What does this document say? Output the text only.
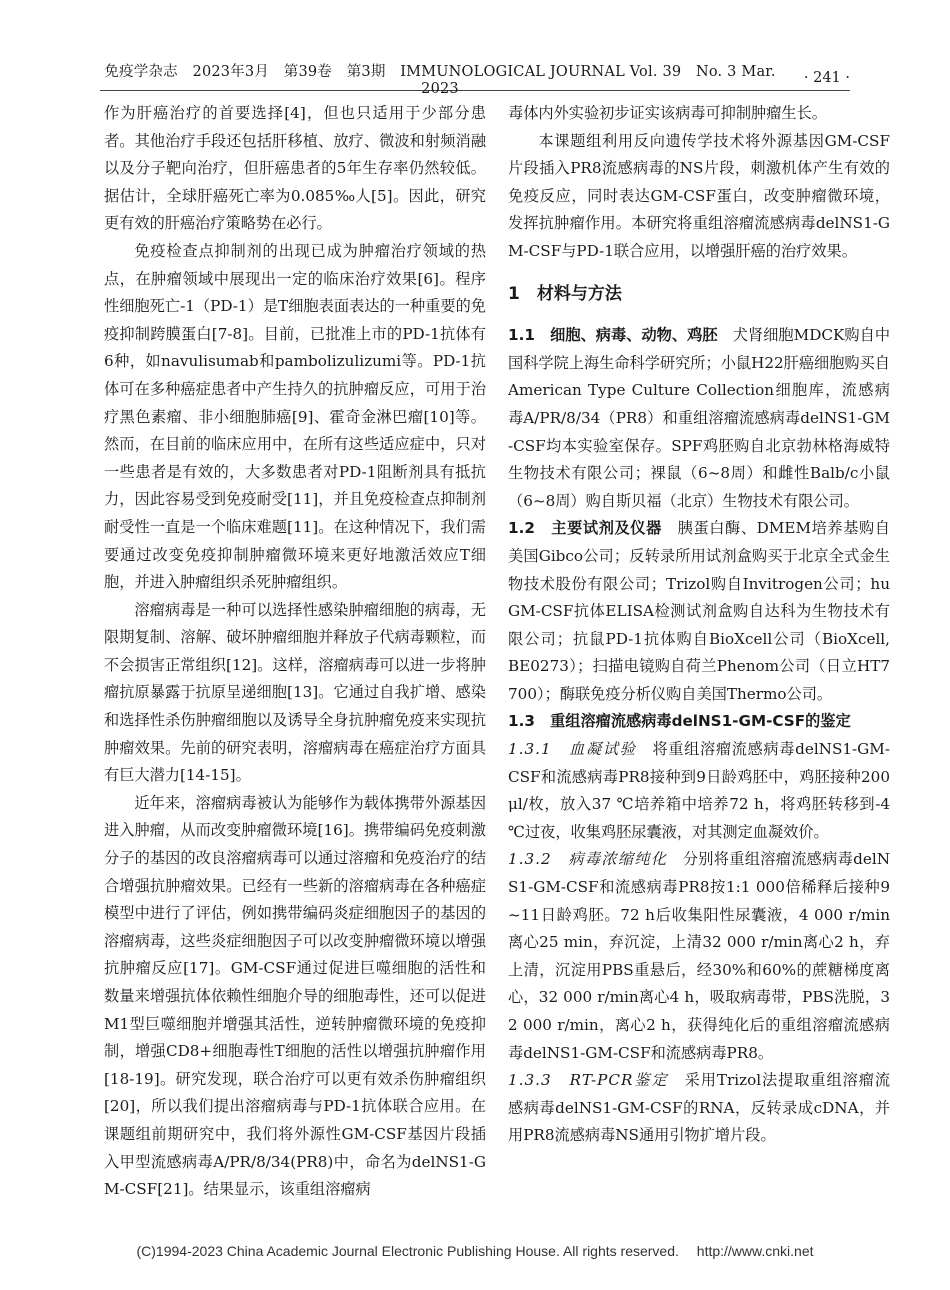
免疫学杂志　2023年3月　第39卷　第3期　IMMUNOLOGICAL JOURNAL Vol. 39　No. 3 Mar. 2023
· 241 ·

作为肝癌治疗的首要选择[4]，但也只适用于少部分患者。其他治疗手段还包括肝移植、放疗、微波和射频消融以及分子靶向治疗，但肝癌患者的5年生存率仍然较低。据估计，全球肝癌死亡率为0.085‰人[5]。因此，研究更有效的肝癌治疗策略势在必行。

免疫检查点抑制剂的出现已成为肿瘤治疗领域的热点，在肿瘤领域中展现出一定的临床治疗效果[6]。程序性细胞死亡-1（PD-1）是T细胞表面表达的一种重要的免疫抑制跨膜蛋白[7-8]。目前，已批准上市的PD-1抗体有6种，如navulisumab和pambolizulizumi等。PD-1抗体可在多种癌症患者中产生持久的抗肿瘤反应，可用于治疗黑色素瘤、非小细胞肺癌[9]、霍奇金淋巴瘤[10]等。然而，在目前的临床应用中，在所有这些适应症中，只对一些患者是有效的，大多数患者对PD-1阻断剂具有抵抗力，因此容易受到免疫耐受[11]，并且免疫检查点抑制剂耐受性一直是一个临床难题[11]。在这种情况下，我们需要通过改变免疫抑制肿瘤微环境来更好地激活效应T细胞，并进入肿瘤组织杀死肿瘤组织。

溶瘤病毒是一种可以选择性感染肿瘤细胞的病毒，无限期复制、溶解、破坏肿瘤细胞并释放子代病毒颗粒，而不会损害正常组织[12]。这样，溶瘤病毒可以进一步将肿瘤抗原暴露于抗原呈递细胞[13]。它通过自我扩增、感染和选择性杀伤肿瘤细胞以及诱导全身抗肿瘤免疫来实现抗肿瘤效果。先前的研究表明，溶瘤病毒在癌症治疗方面具有巨大潜力[14-15]。

近年来，溶瘤病毒被认为能够作为载体携带外源基因进入肿瘤，从而改变肿瘤微环境[16]。携带编码免疫刺激分子的基因的改良溶瘤病毒可以通过溶瘤和免疫治疗的结合增强抗肿瘤效果。已经有一些新的溶瘤病毒在各种癌症模型中进行了评估，例如携带编码炎症细胞因子的基因的溶瘤病毒，这些炎症细胞因子可以改变肿瘤微环境以增强抗肿瘤反应[17]。GM-CSF通过促进巨噬细胞的活性和数量来增强抗体依赖性细胞介导的细胞毒性，还可以促进M1型巨噬细胞并增强其活性，逆转肿瘤微环境的免疫抑制，增强CD8+细胞毒性T细胞的活性以增强抗肿瘤作用[18-19]。研究发现，联合治疗可以更有效杀伤肿瘤组织[20]，所以我们提出溶瘤病毒与PD-1抗体联合应用。在课题组前期研究中，我们将外源性GM-CSF基因片段插入甲型流感病毒A/PR/8/34(PR8)中，命名为delNS1-GM-CSF[21]。结果显示，该重组溶瘤病

毒体内外实验初步证实该病毒可抑制肿瘤生长。

本课题组利用反向遗传学技术将外源基因GM-CSF片段插入PR8流感病毒的NS片段，刺激机体产生有效的免疫反应，同时表达GM-CSF蛋白，改变肿瘤微环境，发挥抗肿瘤作用。本研究将重组溶瘤流感病毒delNS1-GM-CSF与PD-1联合应用，以增强肝癌的治疗效果。

1　材料与方法

1.1　细胞、病毒、动物、鸡胚　 犬肾细胞MDCK购自中国科学院上海生命科学研究所；小鼠H22肝癌细胞购买自American Type Culture Collection细胞库，流感病毒A/PR/8/34（PR8）和重组溶瘤流感病毒delNS1-GM-CSF均本实验室保存。SPF鸡胚购自北京勃林格海威特生物技术有限公司；裸鼠（6~8周）和雌性Balb/c小鼠（6~8周）购自斯贝福（北京）生物技术有限公司。

1.2　主要试剂及仪器　 胰蛋白酶、DMEM培养基购自美国Gibco公司；反转录所用试剂盒购买于北京全式金生物技术股份有限公司；Trizol购自Invitrogen公司；huGM-CSF抗体ELISA检测试剂盒购自达科为生物技术有限公司；抗鼠PD-1抗体购自BioXcell公司（BioXcell, BE0273）；扫描电镜购自荷兰Phenom公司（日立HT7700）；酶联免疫分析仪购自美国Thermo公司。

1.3　重组溶瘤流感病毒delNS1-GM-CSF的鉴定

1.3.1　血凝试验　 将重组溶瘤流感病毒delNS1-GM-CSF和流感病毒PR8接种到9日龄鸡胚中，鸡胚接种200 μl/枚，放入37 ℃培养箱中培养72 h，将鸡胚转移到-4 ℃过夜，收集鸡胚尿囊液，对其测定血凝效价。

1.3.2　病毒浓缩纯化　 分别将重组溶瘤流感病毒delNS1-GM-CSF和流感病毒PR8按1:1 000倍稀释后接种9~11日龄鸡胚。72 h后收集阳性尿囊液，4 000 r/min离心25 min，弃沉淀，上清32 000 r/min离心2 h，弃上清，沉淀用PBS重悬后，经30%和60%的蔗糖梯度离心，32 000 r/min离心4 h，吸取病毒带，PBS洗脱，32 000 r/min，离心2 h，获得纯化后的重组溶瘤流感病毒delNS1-GM-CSF和流感病毒PR8。

1.3.3　RT-PCR鉴定　 采用Trizol法提取重组溶瘤流感病毒delNS1-GM-CSF的RNA，反转录成cDNA，并用PR8流感病毒NS通用引物扩增片段。

(C)1994-2023 China Academic Journal Electronic Publishing House. All rights reserved.　 http://www.cnki.net
